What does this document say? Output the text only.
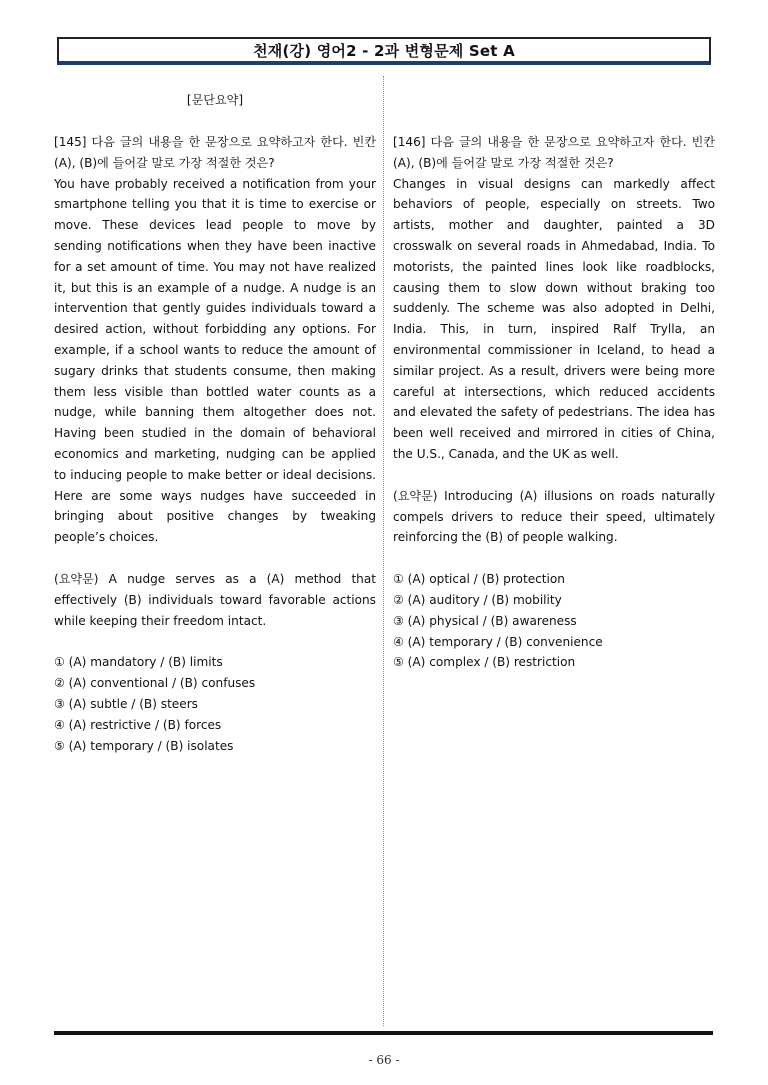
천재(강) 영어2 - 2과 변형문제 Set A
[문단요약]

[145] 다음 글의 내용을 한 문장으로 요약하고자 한다. 빈칸 (A), (B)에 들어갈 말로 가장 적절한 것은?

You have probably received a notification from your smartphone telling you that it is time to exercise or move. These devices lead people to move by sending notifications when they have been inactive for a set amount of time. You may not have realized it, but this is an example of a nudge. A nudge is an intervention that gently guides individuals toward a desired action, without forbidding any options. For example, if a school wants to reduce the amount of sugary drinks that students consume, then making them less visible than bottled water counts as a nudge, while banning them altogether does not. Having been studied in the domain of behavioral economics and marketing, nudging can be applied to inducing people to make better or ideal decisions. Here are some ways nudges have succeeded in bringing about positive changes by tweaking people’s choices.

(요약문) A nudge serves as a (A) method that effectively (B) individuals toward favorable actions while keeping their freedom intact.

① (A) mandatory / (B) limits

② (A) conventional / (B) confuses

③ (A) subtle / (B) steers

④ (A) restrictive / (B) forces

⑤ (A) temporary / (B) isolates

[146] 다음 글의 내용을 한 문장으로 요약하고자 한다. 빈칸 (A), (B)에 들어갈 말로 가장 적절한 것은?

Changes in visual designs can markedly affect behaviors of people, especially on streets. Two artists, mother and daughter, painted a 3D crosswalk on several roads in Ahmedabad, India. To motorists, the painted lines look like roadblocks, causing them to slow down without braking too suddenly. The scheme was also adopted in Delhi, India. This, in turn, inspired Ralf Trylla, an environmental commissioner in Iceland, to head a similar project. As a result, drivers were being more careful at intersections, which reduced accidents and elevated the safety of pedestrians. The idea has been well received and mirrored in cities of China, the U.S., Canada, and the UK as well.

(요약문) Introducing (A) illusions on roads naturally compels drivers to reduce their speed, ultimately reinforcing the (B) of people walking.

① (A) optical / (B) protection

② (A) auditory / (B) mobility

③ (A) physical / (B) awareness

④ (A) temporary / (B) convenience

⑤ (A) complex / (B) restriction

- 66 -
